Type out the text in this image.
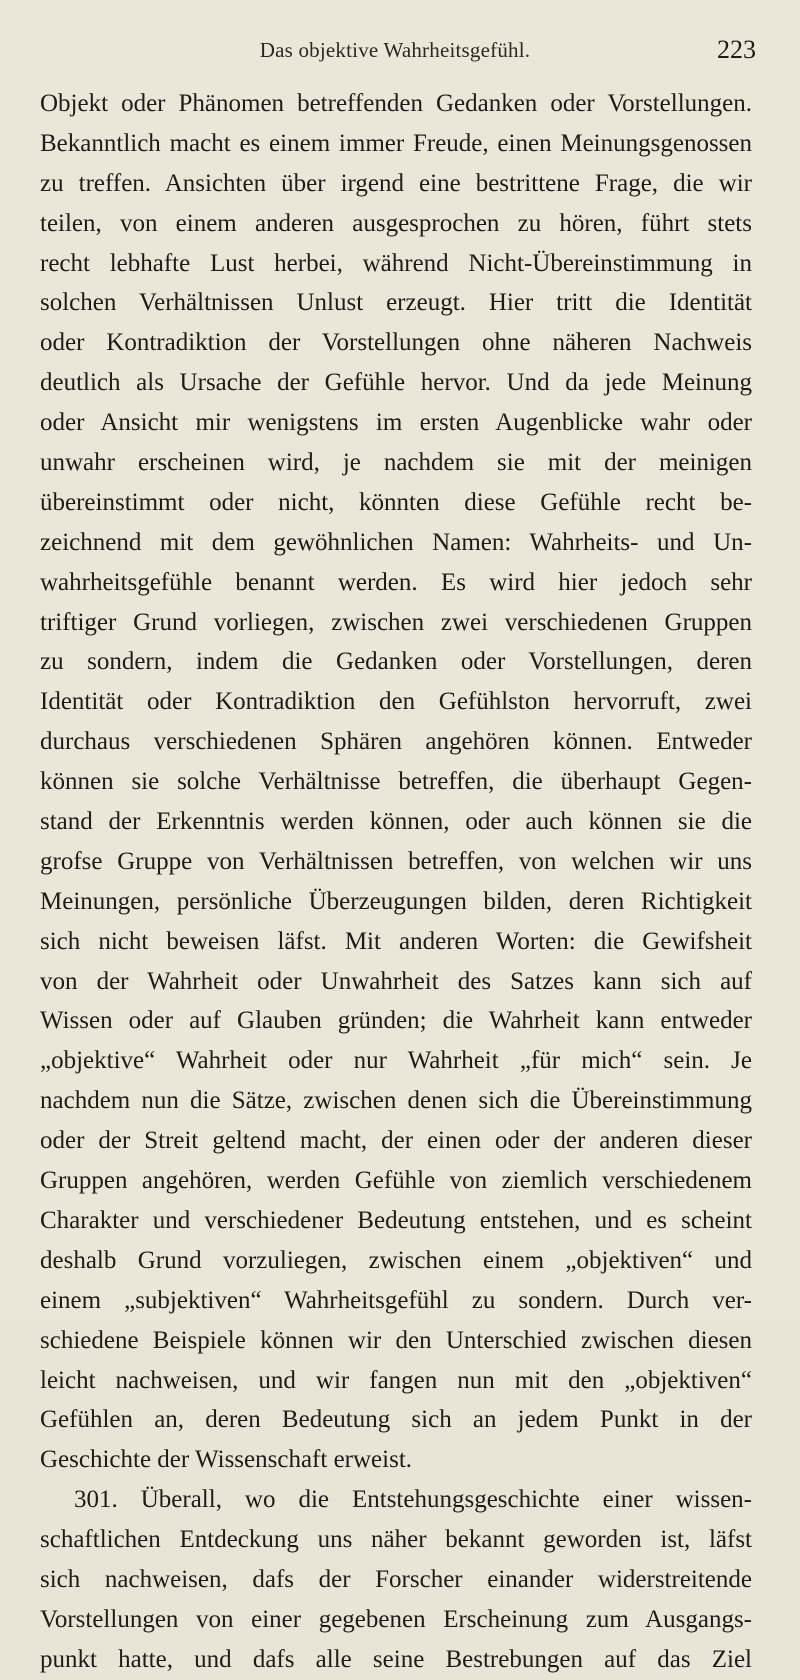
Das objektive Wahrheitsgefühl.	223
Objekt oder Phänomen betreffenden Gedanken oder Vorstellungen.
Bekanntlich macht es einem immer Freude, einen Meinungsgenossen
zu treffen. Ansichten über irgend eine bestrittene Frage, die wir
teilen, von einem anderen ausgesprochen zu hören, führt stets
recht lebhafte Lust herbei, während Nicht-Übereinstimmung in
solchen Verhältnissen Unlust erzeugt. Hier tritt die Identität
oder Kontradiktion der Vorstellungen ohne näheren Nachweis
deutlich als Ursache der Gefühle hervor. Und da jede Meinung
oder Ansicht mir wenigstens im ersten Augenblicke wahr oder
unwahr erscheinen wird, je nachdem sie mit der meinigen
übereinstimmt oder nicht, könnten diese Gefühle recht be-
zeichnend mit dem gewöhnlichen Namen: Wahrheits- und Un-
wahrheitsgefühle benannt werden. Es wird hier jedoch sehr
triftiger Grund vorliegen, zwischen zwei verschiedenen Gruppen
zu sondern, indem die Gedanken oder Vorstellungen, deren
Identität oder Kontradiktion den Gefühlston hervorruft, zwei
durchaus verschiedenen Sphären angehören können. Entweder
können sie solche Verhältnisse betreffen, die überhaupt Gegen-
stand der Erkenntnis werden können, oder auch können sie die
grofse Gruppe von Verhältnissen betreffen, von welchen wir uns
Meinungen, persönliche Überzeugungen bilden, deren Richtigkeit
sich nicht beweisen läfst. Mit anderen Worten: die Gewifsheit
von der Wahrheit oder Unwahrheit des Satzes kann sich auf
Wissen oder auf Glauben gründen; die Wahrheit kann entweder
„objektive“ Wahrheit oder nur Wahrheit „für mich“ sein. Je
nachdem nun die Sätze, zwischen denen sich die Übereinstimmung
oder der Streit geltend macht, der einen oder der anderen dieser
Gruppen angehören, werden Gefühle von ziemlich verschiedenem
Charakter und verschiedener Bedeutung entstehen, und es scheint
deshalb Grund vorzuliegen, zwischen einem „objektiven“ und
einem „subjektiven“ Wahrheitsgefühl zu sondern. Durch ver-
schiedene Beispiele können wir den Unterschied zwischen diesen
leicht nachweisen, und wir fangen nun mit den „objektiven“
Gefühlen an, deren Bedeutung sich an jedem Punkt in der
Geschichte der Wissenschaft erweist.
301. Überall, wo die Entstehungsgeschichte einer wissen-
schaftlichen Entdeckung uns näher bekannt geworden ist, läfst
sich nachweisen, dafs der Forscher einander widerstreitende
Vorstellungen von einer gegebenen Erscheinung zum Ausgangs-
punkt hatte, und dafs alle seine Bestrebungen auf das Ziel
